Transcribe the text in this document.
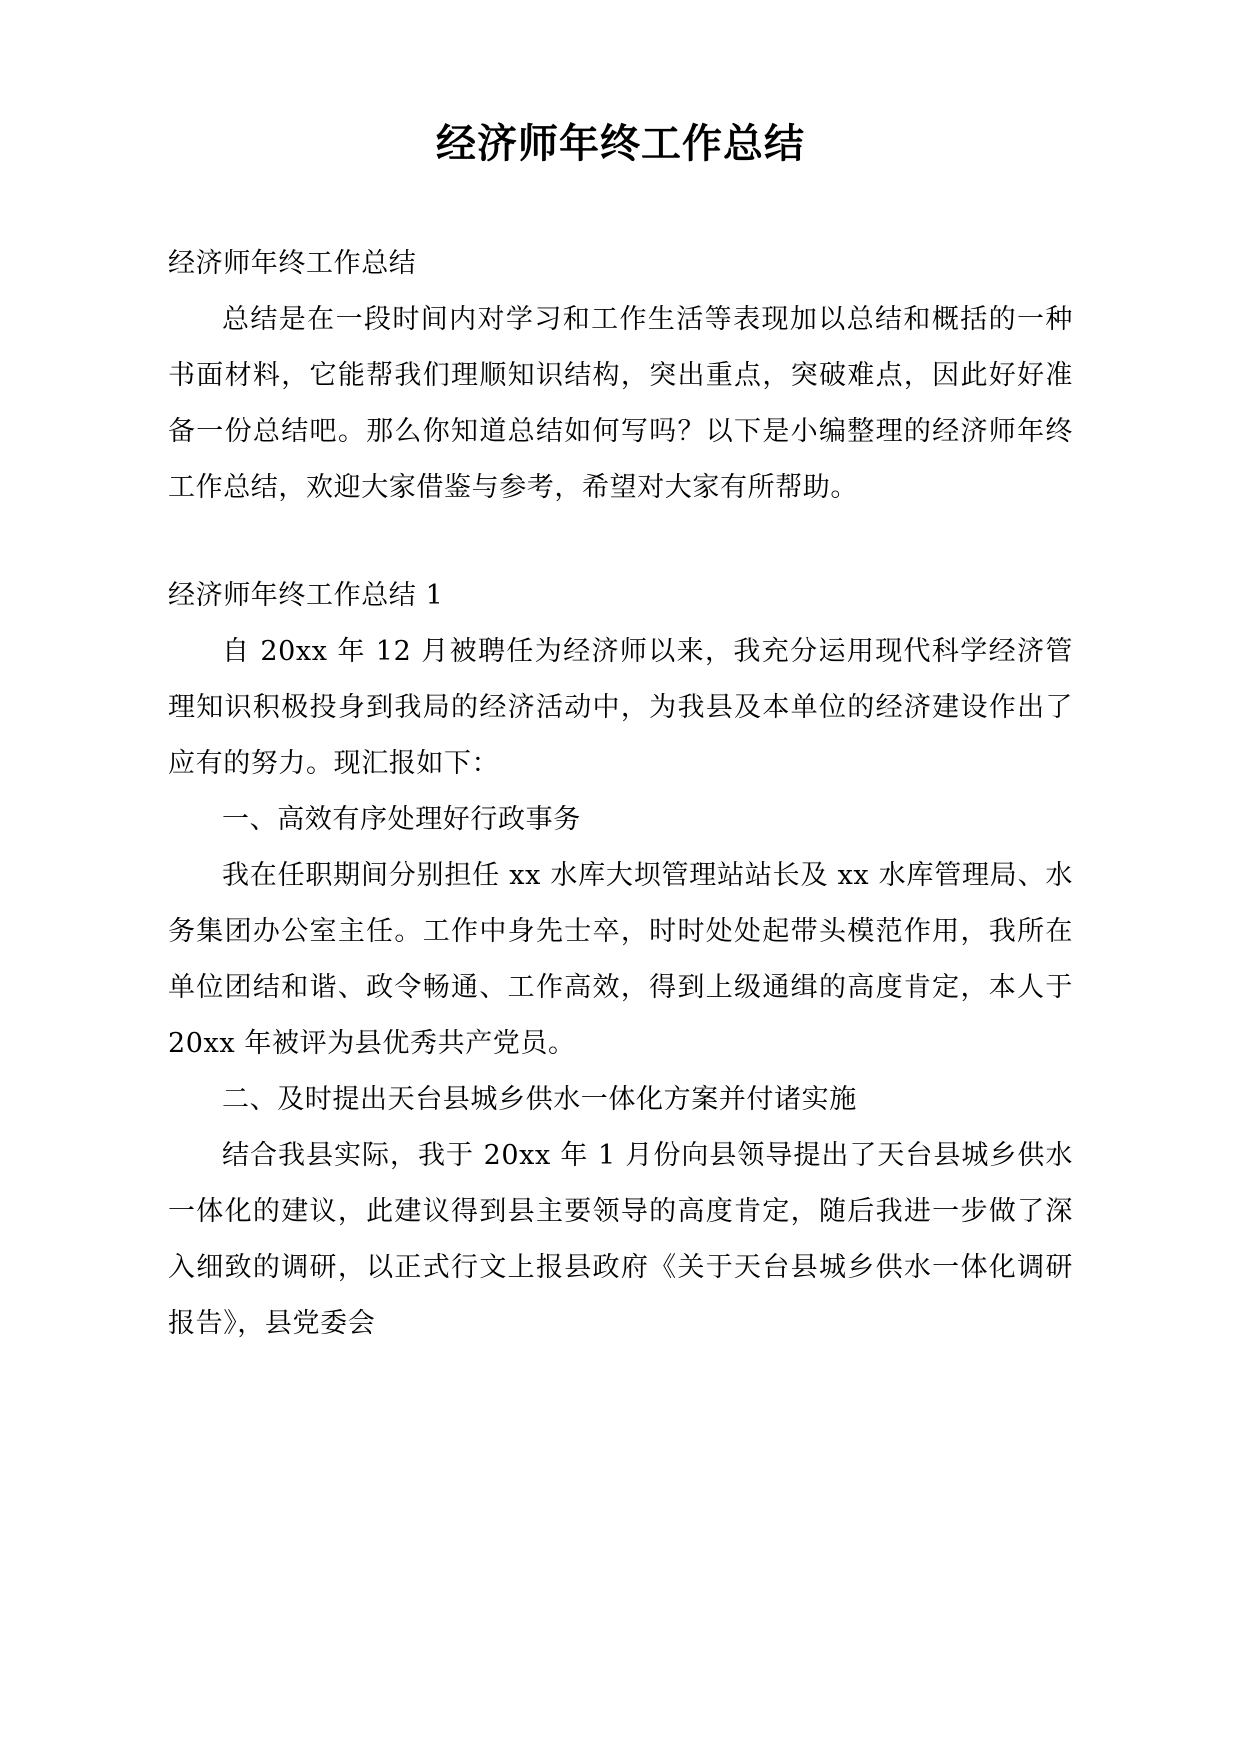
经济师年终工作总结

经济师年终工作总结

总结是在一段时间内对学习和工作生活等表现加以总结和概括的一种书面材料，它能帮我们理顺知识结构，突出重点，突破难点，因此好好准备一份总结吧。那么你知道总结如何写吗？以下是小编整理的经济师年终工作总结，欢迎大家借鉴与参考，希望对大家有所帮助。

经济师年终工作总结 1

自 20xx 年 12 月被聘任为经济师以来，我充分运用现代科学经济管理知识积极投身到我局的经济活动中，为我县及本单位的经济建设作出了应有的努力。现汇报如下：

一、高效有序处理好行政事务

我在任职期间分别担任 xx 水库大坝管理站站长及 xx 水库管理局、水务集团办公室主任。工作中身先士卒，时时处处起带头模范作用，我所在单位团结和谐、政令畅通、工作高效，得到上级通缉的高度肯定，本人于 20xx 年被评为县优秀共产党员。

二、及时提出天台县城乡供水一体化方案并付诸实施

结合我县实际，我于 20xx 年 1 月份向县领导提出了天台县城乡供水一体化的建议，此建议得到县主要领导的高度肯定，随后我进一步做了深入细致的调研，以正式行文上报县政府《关于天台县城乡供水一体化调研报告》，县党委会
